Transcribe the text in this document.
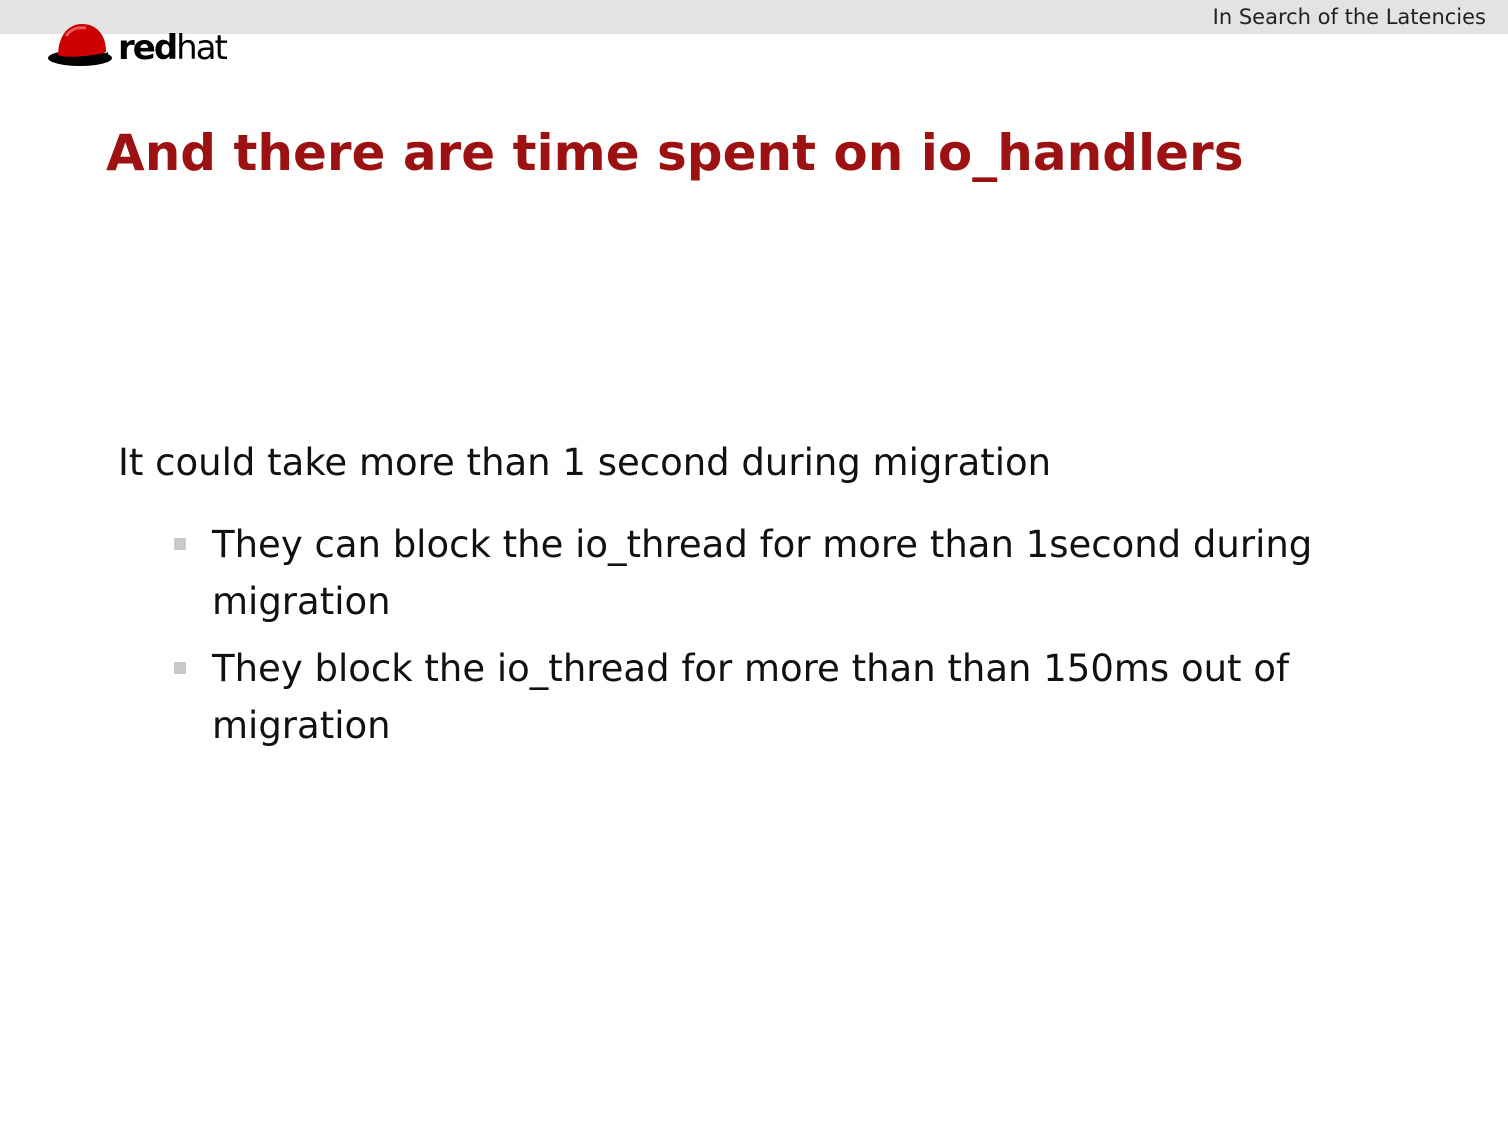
In Search of the Latencies
redhat
And there are time spent on io_handlers

It could take more than 1 second during migration

They can block the io_thread for more than 1second during migration
They block the io_thread for more than than 150ms out of migration
